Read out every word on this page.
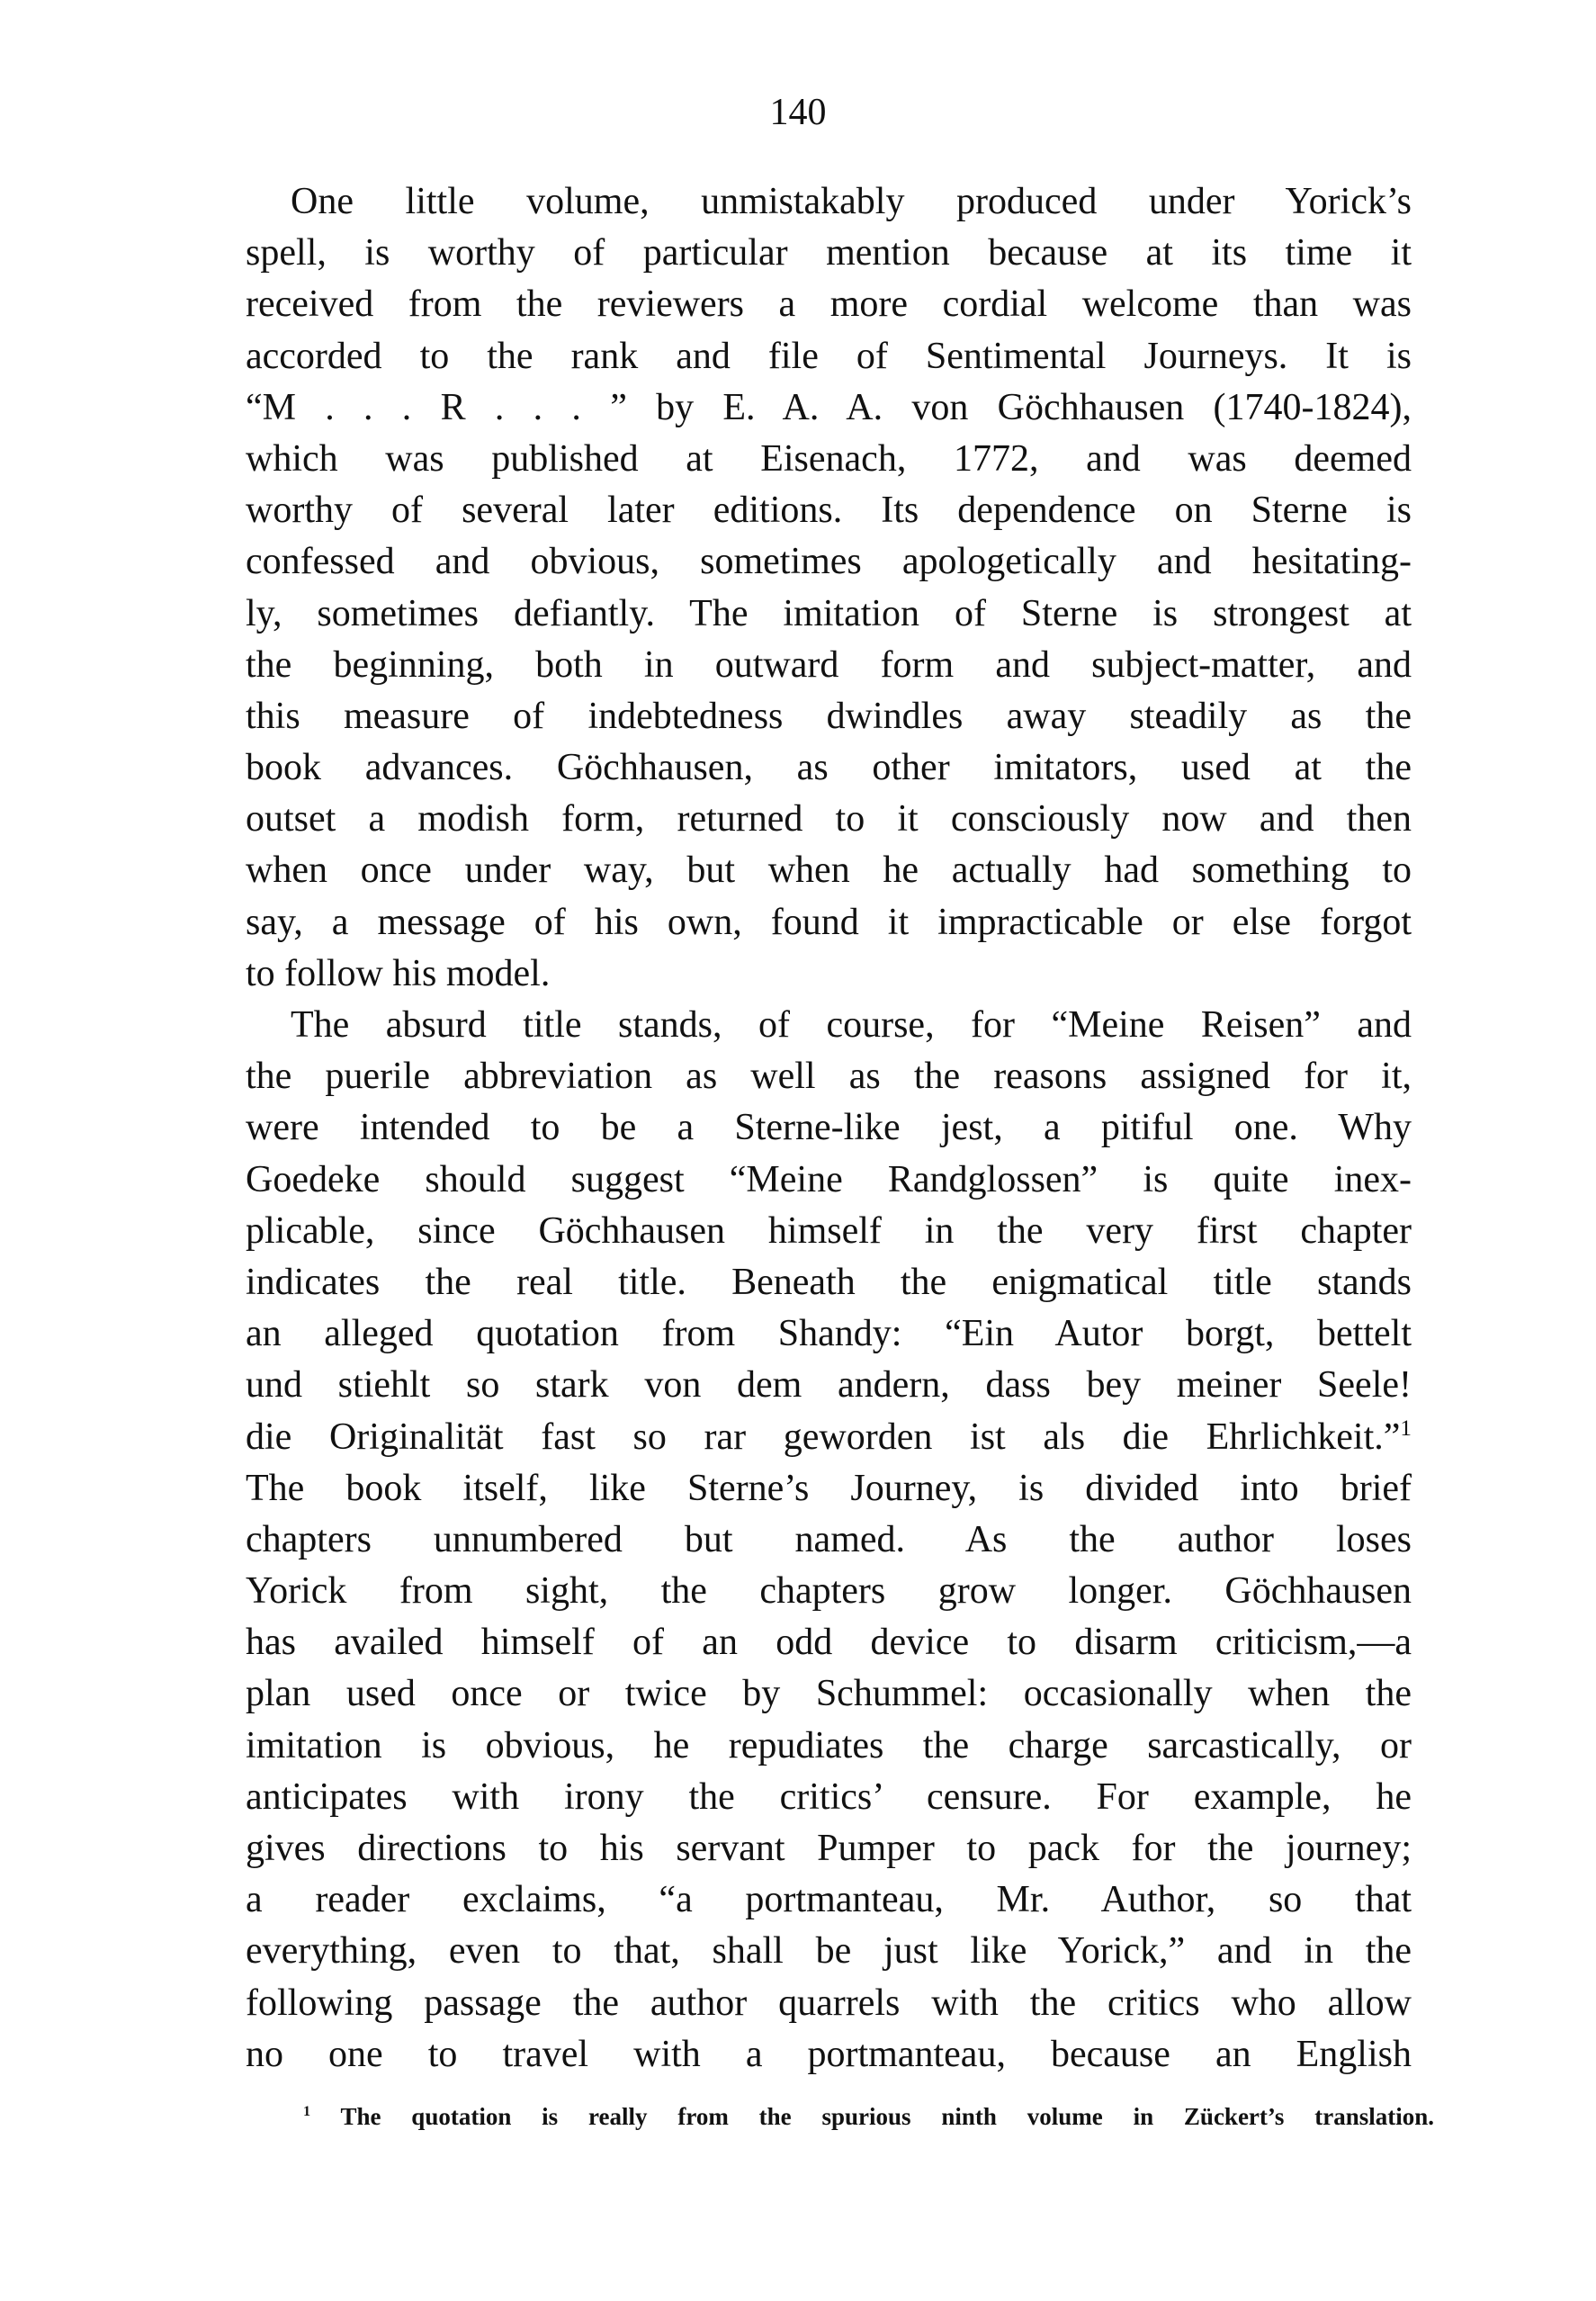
140
One little volume, unmistakably produced under Yorick’s
spell, is worthy of particular mention because at its time it
received from the reviewers a more cordial welcome than was
accorded to the rank and file of Sentimental Journeys. It is
“M . . . R . . . ” by E. A. A. von Göchhausen (1740-1824),
which was published at Eisenach, 1772, and was deemed
worthy of several later editions. Its dependence on Sterne is
confessed and obvious, sometimes apologetically and hesitating-
ly, sometimes defiantly. The imitation of Sterne is strongest at
the beginning, both in outward form and subject-matter, and
this measure of indebtedness dwindles away steadily as the
book advances. Göchhausen, as other imitators, used at the
outset a modish form, returned to it consciously now and then
when once under way, but when he actually had something to
say, a message of his own, found it impracticable or else forgot
to follow his model.
The absurd title stands, of course, for “Meine Reisen” and
the puerile abbreviation as well as the reasons assigned for it,
were intended to be a Sterne-like jest, a pitiful one. Why
Goedeke should suggest “Meine Randglossen” is quite inex-
plicable, since Göchhausen himself in the very first chapter
indicates the real title. Beneath the enigmatical title stands
an alleged quotation from Shandy: “Ein Autor borgt, bettelt
und stiehlt so stark von dem andern, dass bey meiner Seele!
die Originalität fast so rar geworden ist als die Ehrlichkeit.”$^1$
The book itself, like Sterne’s Journey, is divided into brief
chapters unnumbered but named. As the author loses
Yorick from sight, the chapters grow longer. Göchhausen
has availed himself of an odd device to disarm criticism,—a
plan used once or twice by Schummel: occasionally when the
imitation is obvious, he repudiates the charge sarcastically, or
anticipates with irony the critics’ censure. For example, he
gives directions to his servant Pumper to pack for the journey;
a reader exclaims, “a portmanteau, Mr. Author, so that
everything, even to that, shall be just like Yorick,” and in the
following passage the author quarrels with the critics who allow
no one to travel with a portmanteau, because an English
$^1$ The quotation is really from the spurious ninth volume in Zückert’s translation.
